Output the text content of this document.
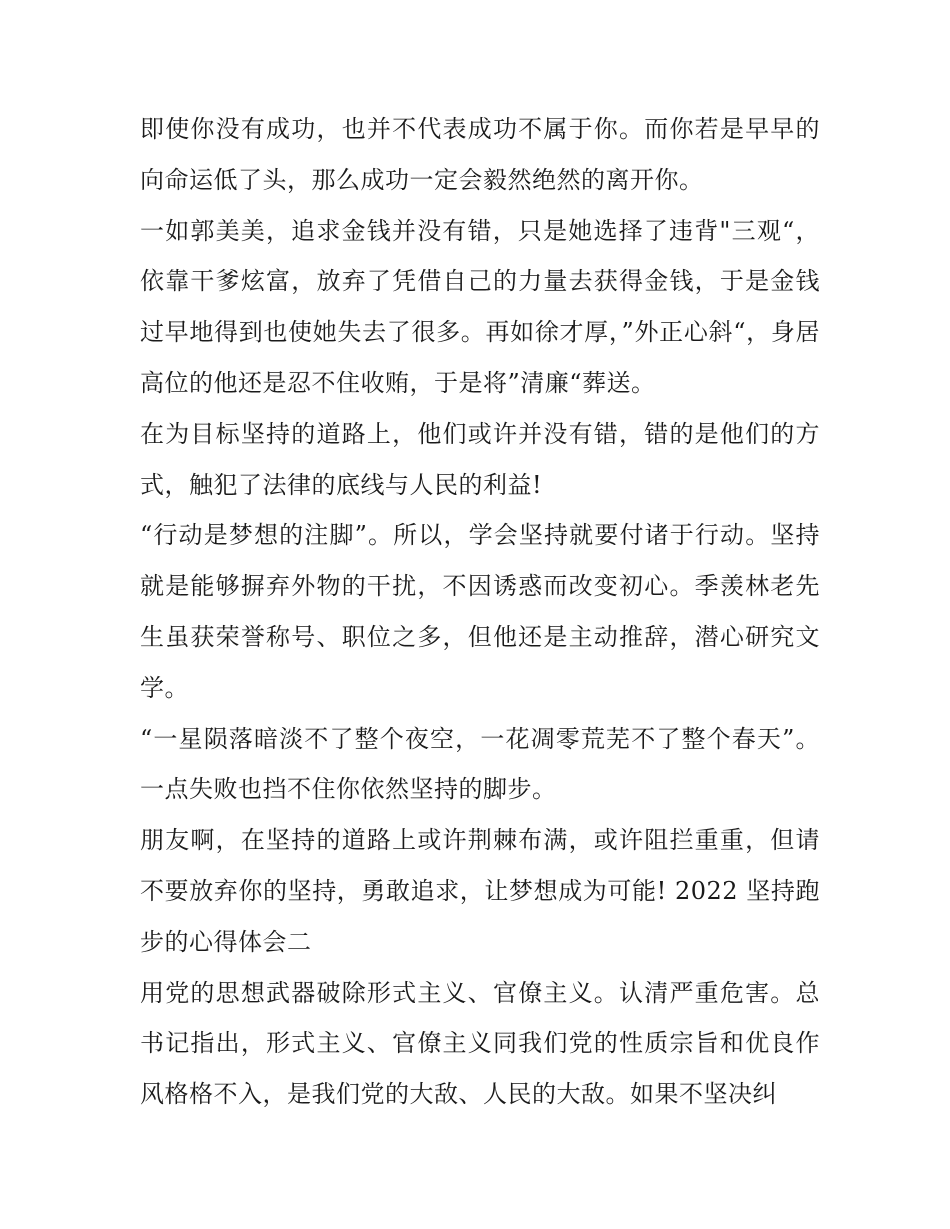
即使你没有成功，也并不代表成功不属于你。而你若是早早的向命运低了头，那么成功一定会毅然绝然的离开你。

一如郭美美，追求金钱并没有错，只是她选择了违背"三观“，依靠干爹炫富，放弃了凭借自己的力量去获得金钱，于是金钱过早地得到也使她失去了很多。再如徐才厚，”外正心斜“，身居高位的他还是忍不住收贿，于是将”清廉“葬送。

在为目标坚持的道路上，他们或许并没有错，错的是他们的方式，触犯了法律的底线与人民的利益!

“行动是梦想的注脚”。所以，学会坚持就要付诸于行动。坚持就是能够摒弃外物的干扰，不因诱惑而改变初心。季羡林老先生虽获荣誉称号、职位之多，但他还是主动推辞，潜心研究文学。

“一星陨落暗淡不了整个夜空，一花凋零荒芜不了整个春天”。一点失败也挡不住你依然坚持的脚步。

朋友啊，在坚持的道路上或许荆棘布满，或许阻拦重重，但请不要放弃你的坚持，勇敢追求，让梦想成为可能! 2022 坚持跑步的心得体会二

用党的思想武器破除形式主义、官僚主义。认清严重危害。总书记指出，形式主义、官僚主义同我们党的性质宗旨和优良作风格格不入，是我们党的大敌、人民的大敌。如果不坚决纠
